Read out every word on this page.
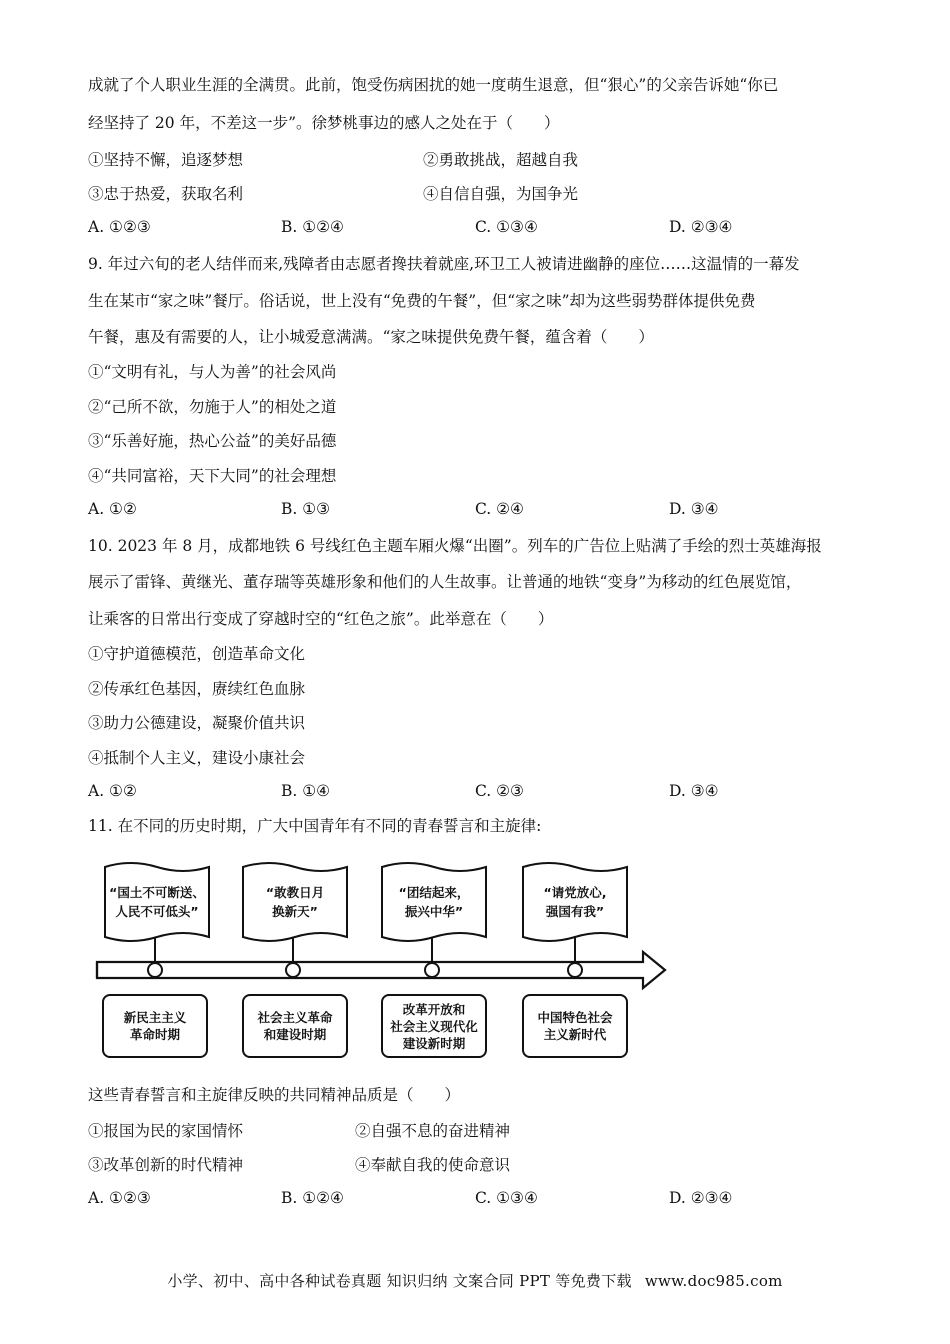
成就了个人职业生涯的全满贯。此前，饱受伤病困扰的她一度萌生退意，但“狠心”的父亲告诉她“你已
经坚持了 20 年，不差这一步”。徐梦桃事边的感人之处在于（　　）
①坚持不懈，追逐梦想	②勇敢挑战，超越自我
③忠于热爱，获取名利	④自信自强，为国争光
A. ①②③	B. ①②④	C. ①③④	D. ②③④
9. 年过六旬的老人结伴而来,残障者由志愿者搀扶着就座,环卫工人被请进幽静的座位……这温情的一幕发
生在某市“家之味”餐厅。俗话说，世上没有“免费的午餐”，但“家之味”却为这些弱势群体提供免费
午餐，惠及有需要的人，让小城爱意满满。“家之味提供免费午餐，蕴含着（　　）
①“文明有礼，与人为善”的社会风尚
②“己所不欲，勿施于人”的相处之道
③“乐善好施，热心公益”的美好品德
④“共同富裕，天下大同”的社会理想
A. ①②	B. ①③	C. ②④	D. ③④
10. 2023 年 8 月，成都地铁 6 号线红色主题车厢火爆“出圈”。列车的广告位上贴满了手绘的烈士英雄海报
展示了雷锋、黄继光、董存瑞等英雄形象和他们的人生故事。让普通的地铁“变身”为移动的红色展览馆，
让乘客的日常出行变成了穿越时空的“红色之旅”。此举意在（　　）
①守护道德模范，创造革命文化
②传承红色基因，赓续红色血脉
③助力公德建设，凝聚价值共识
④抵制个人主义，建设小康社会
A. ①②	B. ①④	C. ②③	D. ③④
11. 在不同的历史时期，广大中国青年有不同的青春誓言和主旋律:
“国土不可断送、
人民不可低头”
新民主主义
革命时期
“敢教日月
换新天”
社会主义革命
和建设时期
“团结起来，
振兴中华”
改革开放和
社会主义现代化
建设新时期
“请党放心,
强国有我”
中国特色社会
主义新时代
这些青春誓言和主旋律反映的共同精神品质是（　　）
①报国为民的家国情怀	②自强不息的奋进精神
③改革创新的时代精神	④奉献自我的使命意识
A. ①②③	B. ①②④	C. ①③④	D. ②③④
小学、初中、高中各种试卷真题 知识归纳 文案合同 PPT 等免费下载 www.doc985.com
